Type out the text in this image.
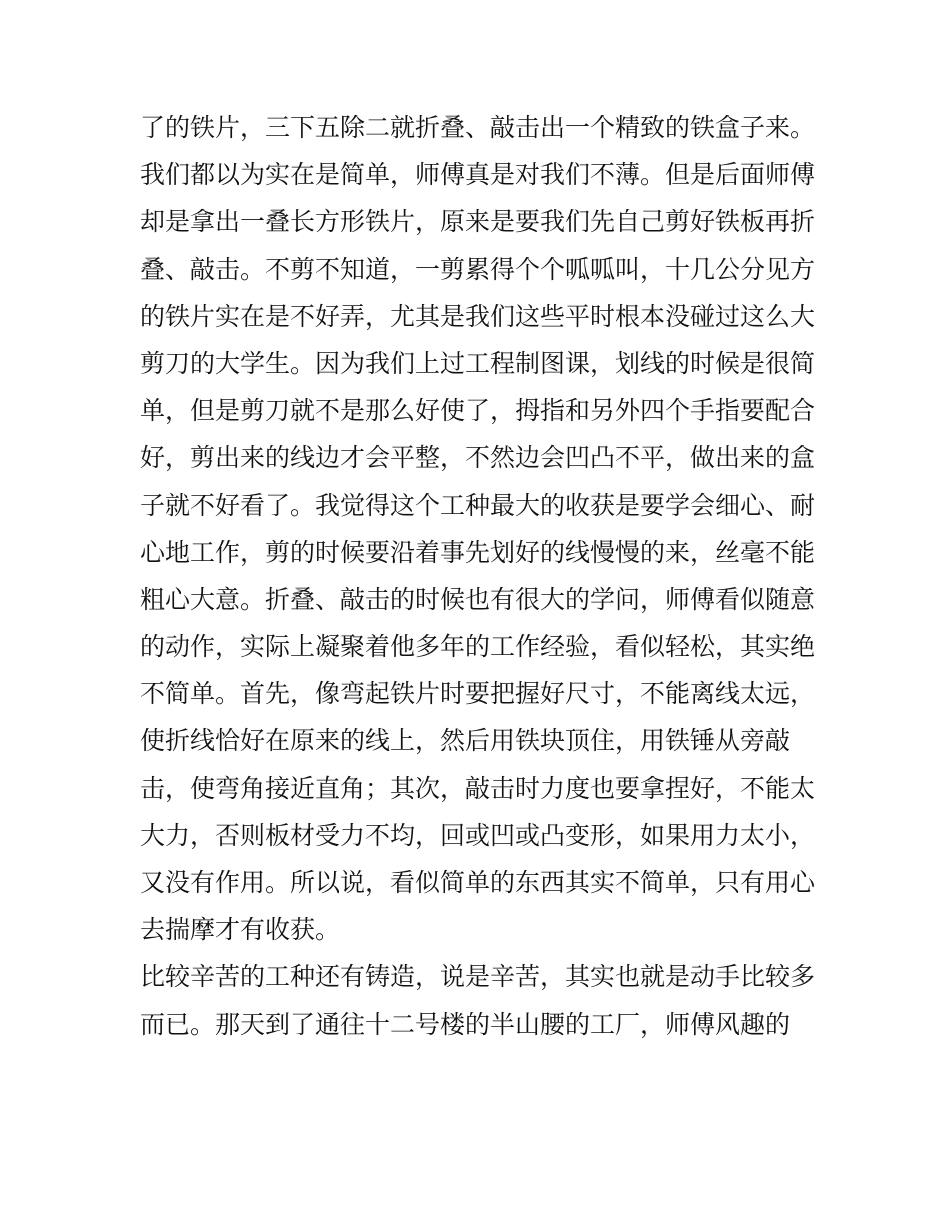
了的铁片，三下五除二就折叠、敲击出一个精致的铁盒子来。
我们都以为实在是简单，师傅真是对我们不薄。但是后面师傅
却是拿出一叠长方形铁片，原来是要我们先自己剪好铁板再折
叠、敲击。不剪不知道，一剪累得个个呱呱叫，十几公分见方
的铁片实在是不好弄，尤其是我们这些平时根本没碰过这么大
剪刀的大学生。因为我们上过工程制图课，划线的时候是很简
单，但是剪刀就不是那么好使了，拇指和另外四个手指要配合
好，剪出来的线边才会平整，不然边会凹凸不平，做出来的盒
子就不好看了。我觉得这个工种最大的收获是要学会细心、耐
心地工作，剪的时候要沿着事先划好的线慢慢的来，丝毫不能
粗心大意。折叠、敲击的时候也有很大的学问，师傅看似随意
的动作，实际上凝聚着他多年的工作经验，看似轻松，其实绝
不简单。首先，像弯起铁片时要把握好尺寸，不能离线太远，
使折线恰好在原来的线上，然后用铁块顶住，用铁锤从旁敲
击，使弯角接近直角；其次，敲击时力度也要拿捏好，不能太
大力，否则板材受力不均，回或凹或凸变形，如果用力太小，
又没有作用。所以说，看似简单的东西其实不简单，只有用心
去揣摩才有收获。
比较辛苦的工种还有铸造，说是辛苦，其实也就是动手比较多
而已。那天到了通往十二号楼的半山腰的工厂，师傅风趣的
